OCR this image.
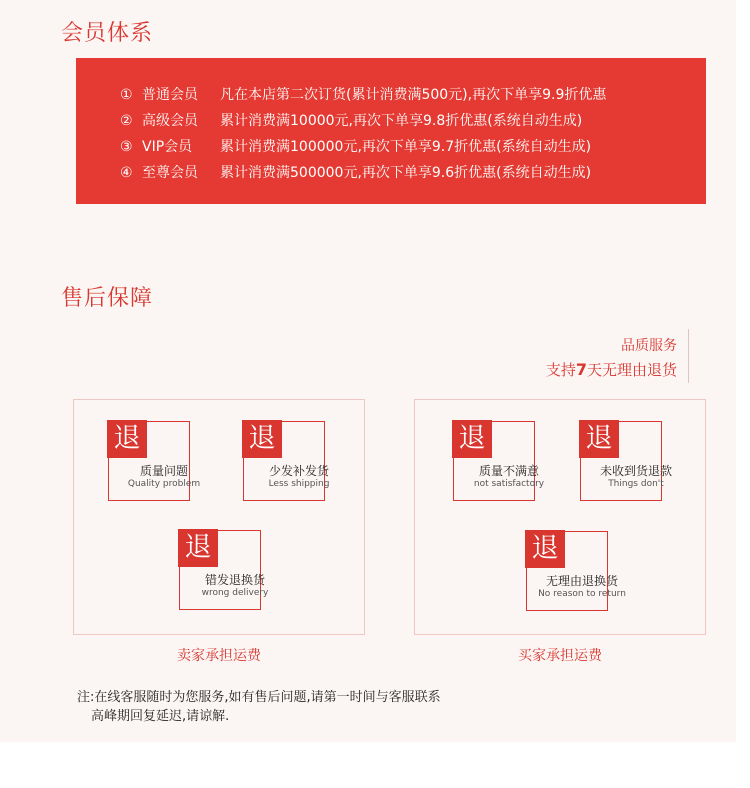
会员体系
① 普通会员 凡在本店第二次订货(累计消费满500元),再次下单享9.9折优惠
② 高级会员 累计消费满10000元,再次下单享9.8折优惠(系统自动生成)
③ VIP会员 累计消费满100000元,再次下单享9.7折优惠(系统自动生成)
④ 至尊会员 累计消费满500000元,再次下单享9.6折优惠(系统自动生成)
售后保障
品质服务
支持7天无理由退货
退
质量问题
Quality problem
退
少发补发货
Less shipping
退
错发退换货
wrong delivery
卖家承担运费
退
质量不满意
not satisfactory
退
未收到货退款
Things don't
退
无理由退换货
No reason to return
买家承担运费
注:在线客服随时为您服务,如有售后问题,请第一时间与客服联系
高峰期回复延迟,请谅解.
